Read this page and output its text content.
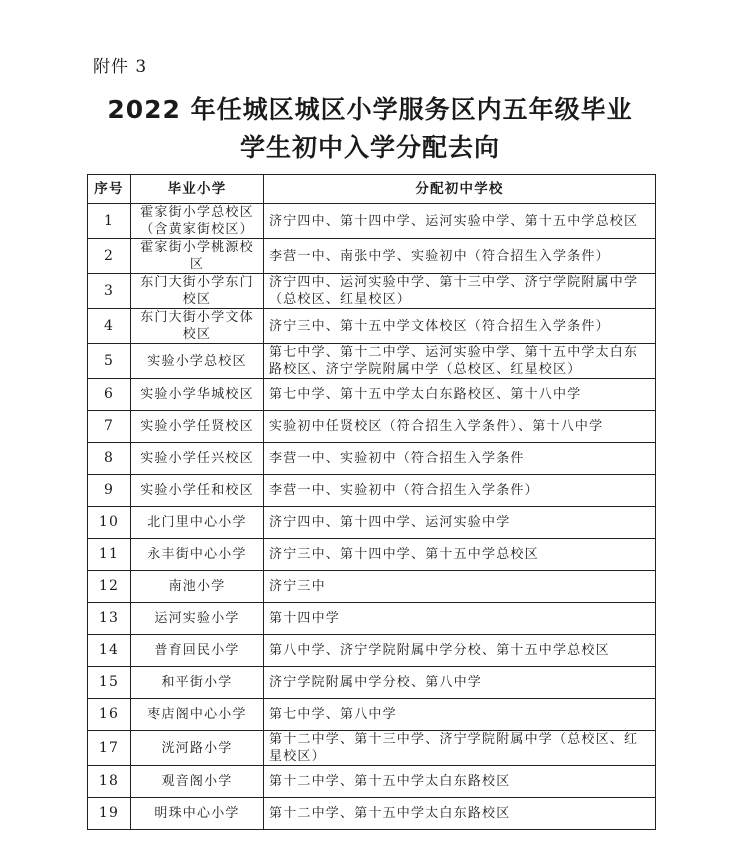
附件 3
2022 年任城区城区小学服务区内五年级毕业
学生初中入学分配去向
序号	毕业小学	分配初中学校
1	霍家街小学总校区（含黄家街校区）	济宁四中、第十四中学、运河实验中学、第十五中学总校区
2	霍家街小学桃源校区	李营一中、南张中学、实验初中（符合招生入学条件）
3	东门大街小学东门校区	济宁四中、运河实验中学、第十三中学、济宁学院附属中学（总校区、红星校区）
4	东门大街小学文体校区	济宁三中、第十五中学文体校区（符合招生入学条件）
5	实验小学总校区	第七中学、第十二中学、运河实验中学、第十五中学太白东路校区、济宁学院附属中学（总校区、红星校区）
6	实验小学华城校区	第七中学、第十五中学太白东路校区、第十八中学
7	实验小学任贤校区	实验初中任贤校区（符合招生入学条件）、第十八中学
8	实验小学任兴校区	李营一中、实验初中（符合招生入学条件
9	实验小学任和校区	李营一中、实验初中（符合招生入学条件）
10	北门里中心小学	济宁四中、第十四中学、运河实验中学
11	永丰街中心小学	济宁三中、第十四中学、第十五中学总校区
12	南池小学	济宁三中
13	运河实验小学	第十四中学
14	普育回民小学	第八中学、济宁学院附属中学分校、第十五中学总校区
15	和平街小学	济宁学院附属中学分校、第八中学
16	枣店阁中心小学	第七中学、第八中学
17	洸河路小学	第十二中学、第十三中学、济宁学院附属中学（总校区、红星校区）
18	观音阁小学	第十二中学、第十五中学太白东路校区
19	明珠中心小学	第十二中学、第十五中学太白东路校区
